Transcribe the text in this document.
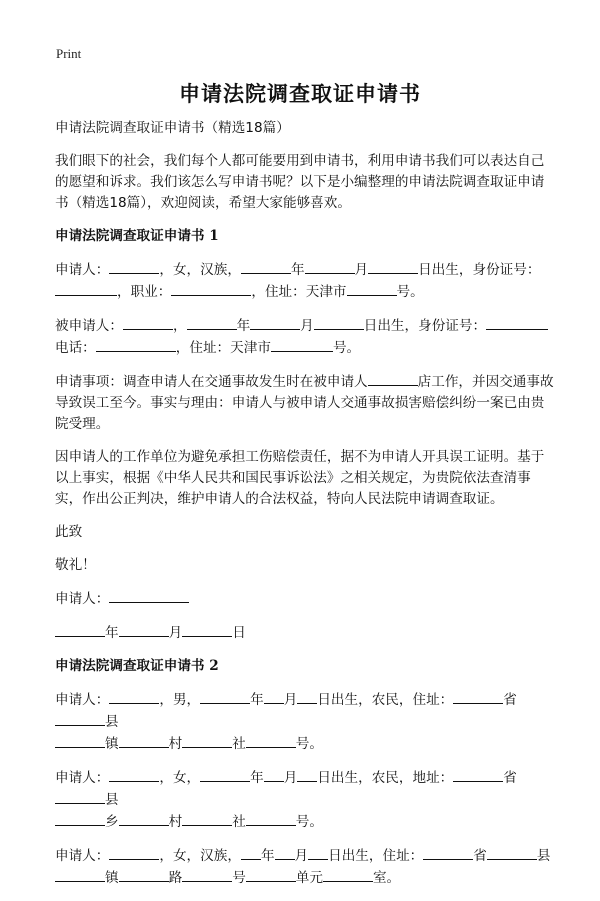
Print
申请法院调查取证申请书

申请法院调查取证申请书（精选18篇）

我们眼下的社会，我们每个人都可能要用到申请书，利用申请书我们可以表达自己的愿望和诉求。我们该怎么写申请书呢？以下是小编整理的申请法院调查取证申请书（精选18篇），欢迎阅读，希望大家能够喜欢。

申请法院调查取证申请书 1

申请人：	，女，汉族，	年	月	日出生，身份证号：
，职业：	，住址：天津市	号。

被申请人：	，	年	月	日出生，身份证号：电话：	，住址：天津市	号。

申请事项：调查申请人在交通事故发生时在被申请人	店工作，并因交通事故导致误工至今。事实与理由：申请人与被申请人交通事故损害赔偿纠纷一案已由贵院受理。

因申请人的工作单位为避免承担工伤赔偿责任，据不为申请人开具误工证明。基于以上事实，根据《中华人民共和国民事诉讼法》之相关规定，为贵院依法查清事实，作出公正判决，维护申请人的合法权益，特向人民法院申请调查取证。

此致

敬礼！

申请人：

年	月	日

申请法院调查取证申请书 2

申请人：	，男，	年 月 日出生，农民，住址：	省县
镇	村	社	号。

申请人：	，女，	年 月 日出生，农民，地址：	省县
乡	村	社	号。

申请人：	，女，汉族， 年 月 日出生，住址：	省	县
镇	路	号	单元	室。
